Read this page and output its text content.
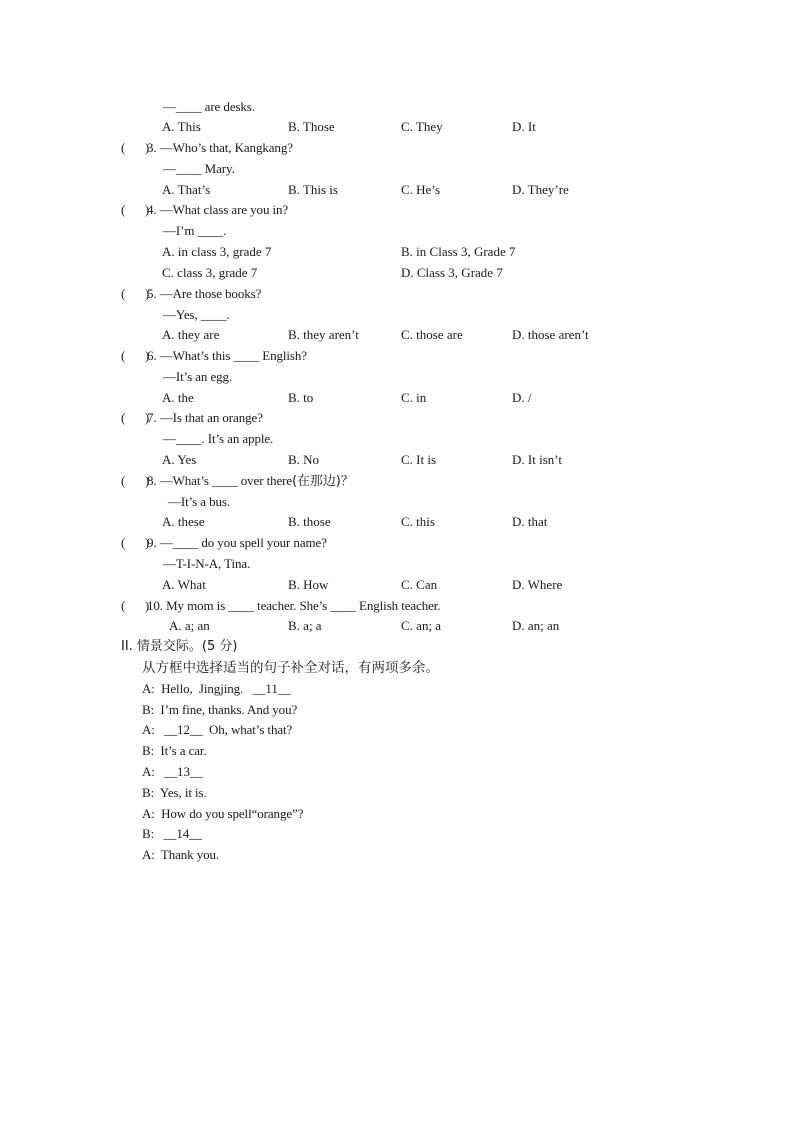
—____ are desks.
A. This	B. Those	C. They	D. It
(      )
3. —Who’s that, Kangkang?
—____ Mary.
A. That’s	B. This is	C. He’s	D. They’re
(      )
4. —What class are you in?
—I’m ____.
A. in class 3, grade 7	B. in Class 3, Grade 7
C. class 3, grade 7	D. Class 3, Grade 7
(      )
5. —Are those books?
—Yes, ____.
A. they are	B. they aren’t	C. those are	D. those aren’t
(      )
6. —What’s this ____ English?
—It’s an egg.
A. the	B. to	C. in	D. /
(      )
7. —Is that an orange?
—____. It’s an apple.
A. Yes	B. No	C. It is	D. It isn’t
(      )
8. —What’s ____ over there(在那边)？
—It’s a bus.
A. these	B. those	C. this	D. that
(      )
9. —____ do you spell your name?
—T-I-N-A, Tina.
A. What	B. How	C. Can	D. Where
(      )
10. My mom is ____ teacher. She’s ____ English teacher.
A. a; an	B. a; a	C. an; a	D. an; an
II. 情景交际。(5 分)
从方框中选择适当的句子补全对话，有两项多余。
A:  Hello,  Jingjing.   __11__
B:  I’m fine, thanks. And you?
A:   __12__  Oh, what’s that?
B:  It’s a car.
A:   __13__
B:  Yes, it is.
A:  How do you spell“orange”?
B:   __14__
A:  Thank you.
